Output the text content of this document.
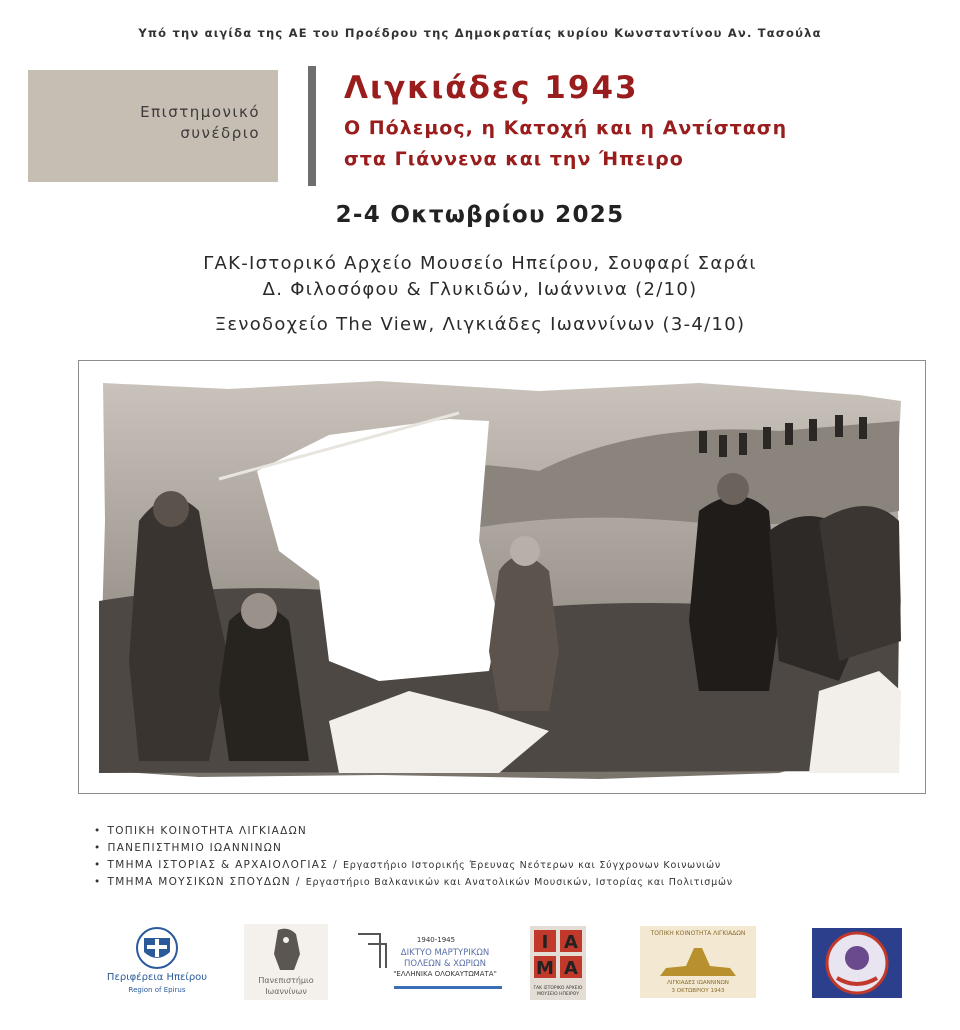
Υπό την αιγίδα της ΑΕ του Προέδρου της Δημοκρατίας κυρίου Κωνσταντίνου Αν. Τασούλα
Επιστημονικό
συνέδριο
Λιγκιάδες 1943
Ο Πόλεμος, η Κατοχή και η Αντίσταση
στα Γιάννενα και την Ήπειρο
2-4 Οκτωβρίου 2025
ΓΑΚ-Ιστορικό Αρχείο Μουσείο Ηπείρου, Σουφαρί Σαράι
Δ. Φιλοσόφου & Γλυκιδών, Ιωάννινα (2/10)
Ξενοδοχείο The View, Λιγκιάδες Ιωαννίνων (3-4/10)
• ΤΟΠΙΚΗ ΚΟΙΝΟΤΗΤΑ ΛΙΓΚΙΑΔΩΝ
• ΠΑΝΕΠΙΣΤΗΜΙΟ ΙΩΑΝΝΙΝΩΝ
• ΤΜΗΜΑ ΙΣΤΟΡΙΑΣ & ΑΡΧΑΙΟΛΟΓΙΑΣ / Εργαστήριο Ιστορικής Έρευνας Νεότερων και Σύγχρονων Κοινωνιών
• ΤΜΗΜΑ ΜΟΥΣΙΚΩΝ ΣΠΟΥΔΩΝ / Εργαστήριο Βαλκανικών και Ανατολικών Μουσικών, Ιστορίας και Πολιτισμών
Περιφέρεια Ηπείρου
Region of Epirus
Πανεπιστήμιο
Ιωαννίνων
1940-1945
ΔΙΚΤΥΟ ΜΑΡΤΥΡΙΚΩΝ
ΠΟΛΕΩΝ & ΧΩΡΙΩΝ
"ΕΛΛΗΝΙΚΑ ΟΛΟΚΑΥΤΩΜΑΤΑ"
Ι Α
Μ Α
ΓΑΚ ΙΣΤΟΡΙΚΟ ΑΡΧΕΙΟ ΜΟΥΣΕΙΟ ΗΠΕΙΡΟΥ
ΤΟΠΙΚΗ ΚΟΙΝΟΤΗΤΑ ΛΙΓΚΙΑΔΩΝ
ΛΙΓΚΙΑΔΕΣ ΙΩΑΝΝΙΝΩΝ
3 ΟΚΤΩΒΡΙΟΥ 1943
